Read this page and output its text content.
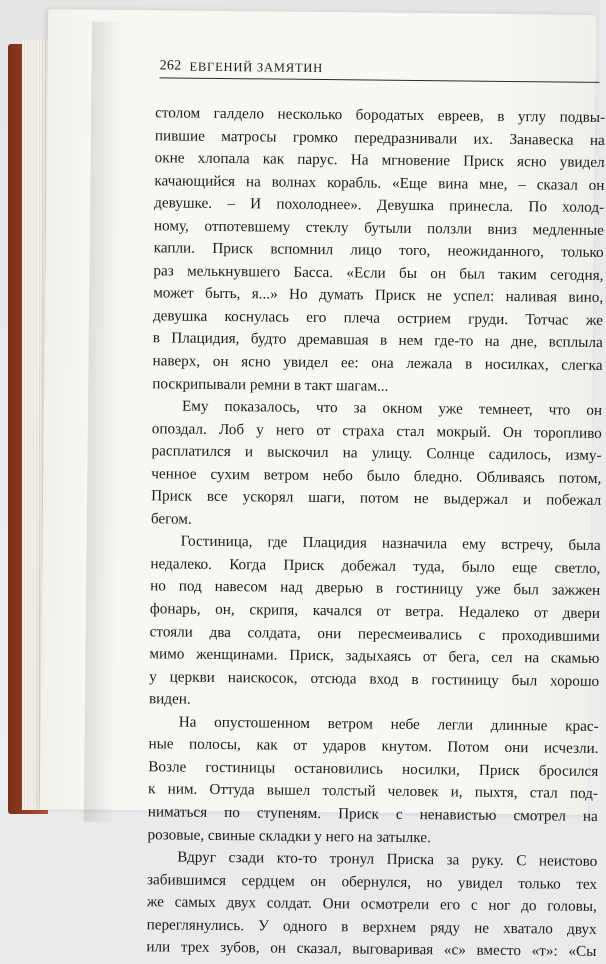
262 ЕВГЕНИЙ ЗАМЯТИН
столом галдело несколько бородатых евреев, в углу подвы-
пившие матросы громко передразнивали их. Занавеска на
окне хлопала как парус. На мгновение Приск ясно увидел
качающийся на волнах корабль. «Еще вина мне, – сказал он
девушке. – И похолоднее». Девушка принесла. По холод-
ному, отпотевшему стеклу бутыли ползли вниз медленные
капли. Приск вспомнил лицо того, неожиданного, только
раз мелькнувшего Басса. «Если бы он был таким сегодня,
может быть, я...» Но думать Приск не успел: наливая вино,
девушка коснулась его плеча острием груди. Тотчас же
в Плацидия, будто дремавшая в нем где-то на дне, всплыла
наверх, он ясно увидел ее: она лежала в носилках, слегка
поскрипывали ремни в такт шагам...
Ему показалось, что за окном уже темнеет, что он
опоздал. Лоб у него от страха стал мокрый. Он торопливо
расплатился и выскочил на улицу. Солнце садилось, изму-
ченное сухим ветром небо было бледно. Обливаясь потом,
Приск все ускорял шаги, потом не выдержал и побежал
бегом.
Гостиница, где Плацидия назначила ему встречу, была
недалеко. Когда Приск добежал туда, было еще светло,
но под навесом над дверью в гостиницу уже был зажжен
фонарь, он, скрипя, качался от ветра. Недалеко от двери
стояли два солдата, они пересмеивались с проходившими
мимо женщинами. Приск, задыхаясь от бега, сел на скамью
у церкви наискосок, отсюда вход в гостиницу был хорошо
виден.
На опустошенном ветром небе легли длинные крас-
ные полосы, как от ударов кнутом. Потом они исчезли.
Возле гостиницы остановились носилки, Приск бросился
к ним. Оттуда вышел толстый человек и, пыхтя, стал под-
ниматься по ступеням. Приск с ненавистью смотрел на
розовые, свиные складки у него на затылке.
Вдруг сзади кто-то тронул Приска за руку. С неистово
забившимся сердцем он обернулся, но увидел только тех
же самых двух солдат. Они осмотрели его с ног до головы,
переглянулись. У одного в верхнем ряду не хватало двух
или трех зубов, он сказал, выговаривая «с» вместо «т»: «Сы
